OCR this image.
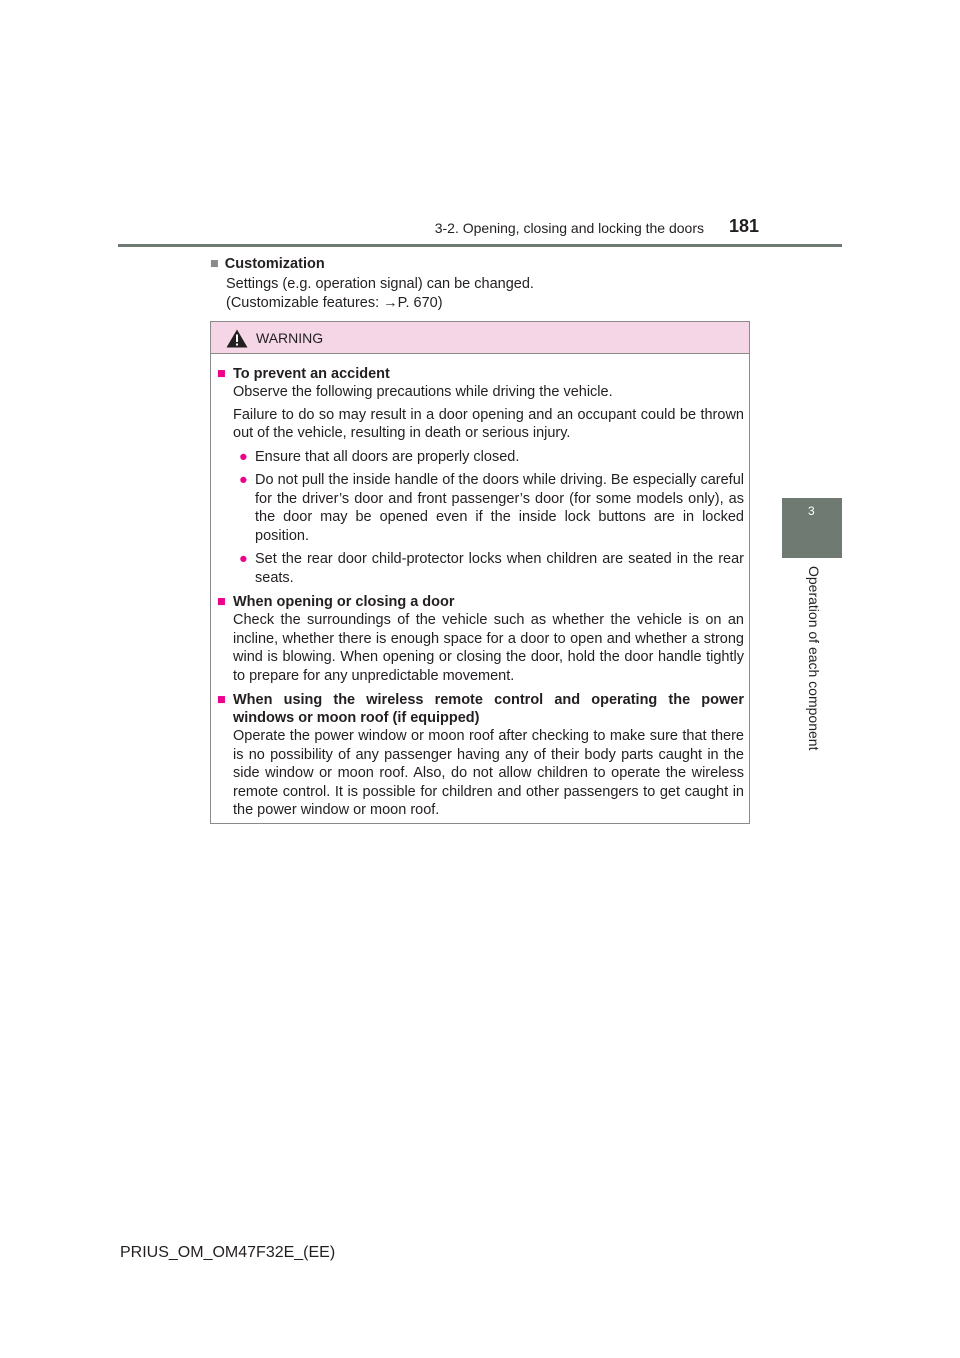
3-2. Opening, closing and locking the doors	181
3
Operation of each component
■ Customization
Settings (e.g. operation signal) can be changed.
(Customizable features: →P. 670)
WARNING
■ To prevent an accident
Observe the following precautions while driving the vehicle.
Failure to do so may result in a door opening and an occupant could be thrown out of the vehicle, resulting in death or serious injury.
● Ensure that all doors are properly closed.
● Do not pull the inside handle of the doors while driving. Be especially careful for the driver’s door and front passenger’s door (for some models only), as the door may be opened even if the inside lock buttons are in locked position.
● Set the rear door child-protector locks when children are seated in the rear seats.
■ When opening or closing a door
Check the surroundings of the vehicle such as whether the vehicle is on an incline, whether there is enough space for a door to open and whether a strong wind is blowing. When opening or closing the door, hold the door handle tightly to prepare for any unpredictable movement.
■ When using the wireless remote control and operating the power windows or moon roof (if equipped)
Operate the power window or moon roof after checking to make sure that there is no possibility of any passenger having any of their body parts caught in the side window or moon roof. Also, do not allow children to operate the wireless remote control. It is possible for children and other passengers to get caught in the power window or moon roof.
PRIUS_OM_OM47F32E_(EE)
